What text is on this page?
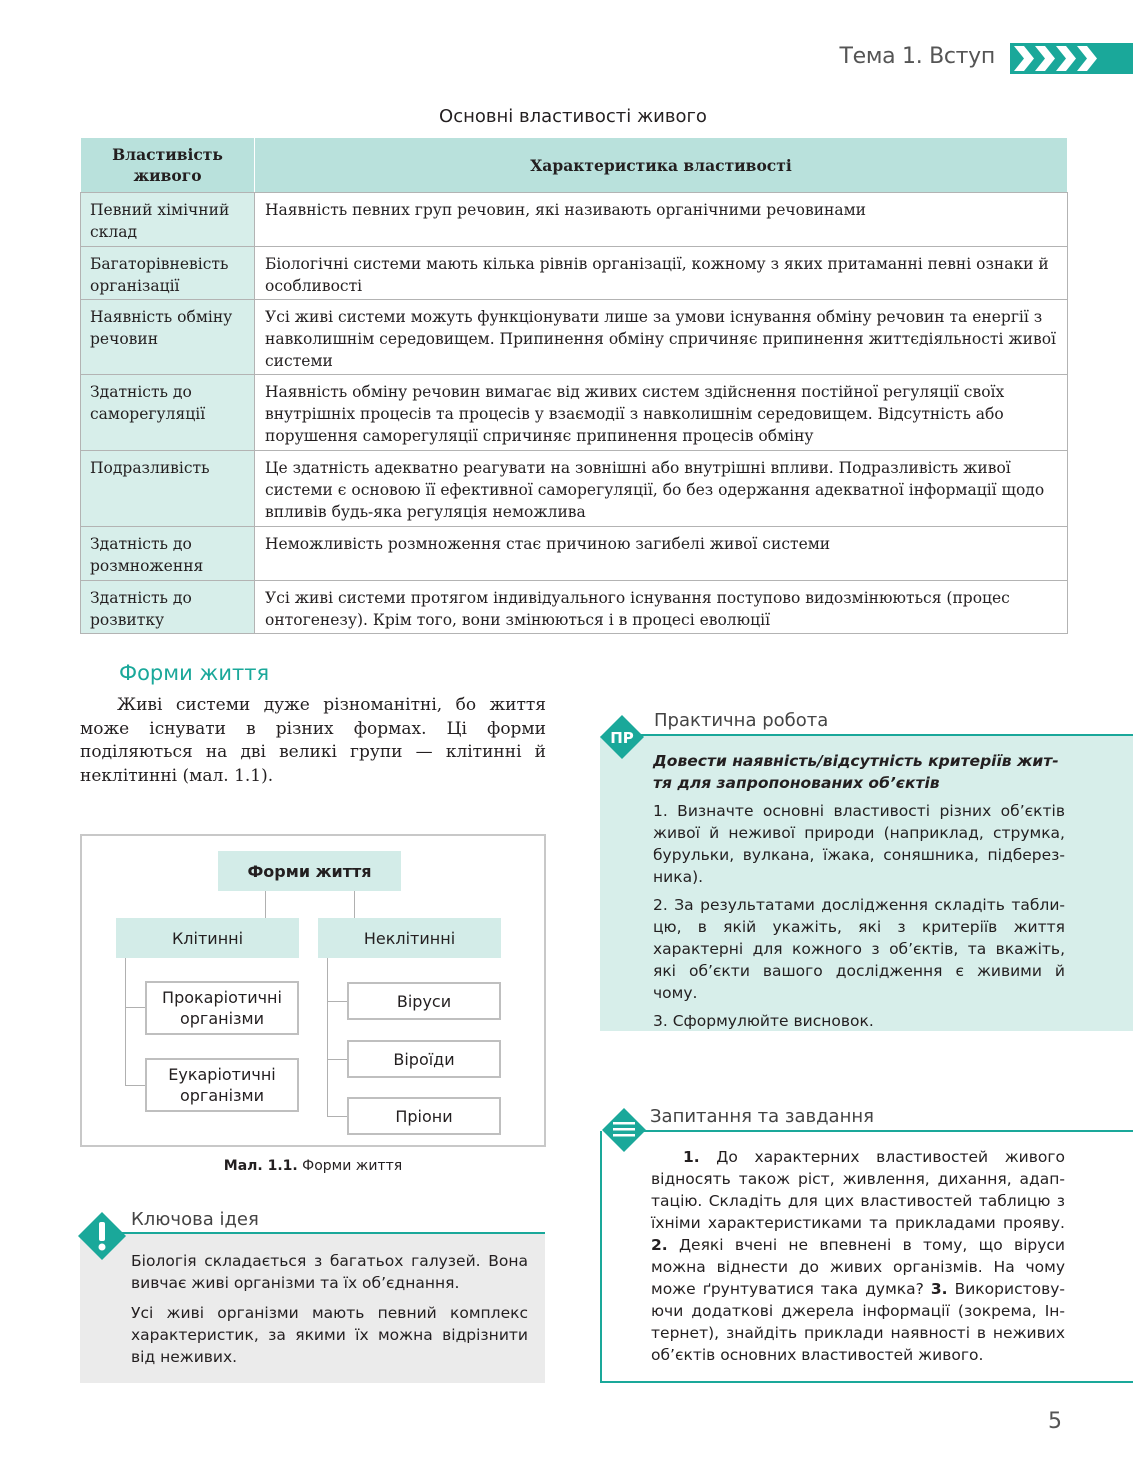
Тема 1. Вступ
Основні властивості живого
Властивість живого	Характеристика властивості
Певний хімічний склад	Наявність певних груп речовин, які називають органічними речовинами
Багаторівневість організації	Біологічні системи мають кілька рівнів організації, кожному з яких притаманні певні ознаки й особливості
Наявність обміну речовин	Усі живі системи можуть функціонувати лише за умови існування обміну речовин та енергії з навколишнім середовищем. Припинення обміну спричиняє припинення життєдіяльності живої системи
Здатність до саморегуляції	Наявність обміну речовин вимагає від живих систем здійснення постійної регуляції своїх внутрішніх процесів та процесів у взаємодії з навколишнім середовищем. Відсутність або порушення саморегуляції спричиняє припинення процесів обміну
Подразливість	Це здатність адекватно реагувати на зовнішні або внутрішні впливи. Подразливість живої системи є основою її ефективної саморегуляції, бо без одержання адекватної інформації щодо впливів будь-яка регуляція неможлива
Здатність до розмноження	Неможливість розмноження стає причиною загибелі живої системи
Здатність до розвитку	Усі живі системи протягом індивідуального існування поступово видозмінюються (процес онтогенезу). Крім того, вони змінюються і в процесі еволюції
Форми життя

Живі системи дуже різноманітні, бо життя може існувати в різних формах. Ці форми поділяються на дві великі групи — клітинні й неклітинні (мал. 1.1).

Форми життя
Клітинні	Неклітинні
Прокаріотичні організми
Еукаріотичні організми
Віруси
Віроїди
Пріони
Мал. 1.1. Форми життя
Ключова ідея

Біологія складається з багатьох галузей. Вона вивчає живі організми та їх об’єднання.

Усі живі організми мають певний комплекс характеристик, за якими їх можна відрізнити від неживих.

Практична робота
ПР

Довести наявність/відсутність критеріїв життя для запропонованих об’єктів

1. Визначте основні властивості різних об’єктів живої й неживої природи (наприклад, струмка, бурульки, вулкана, їжака, соняшника, підберезника).

2. За результатами дослідження складіть таблицю, в якій укажіть, які з критеріїв життя характерні для кожного з об’єктів, та вкажіть, які об’єкти вашого дослідження є живими й чому.

3. Сформулюйте висновок.

Запитання та завдання

1. До характерних властивостей живого відносять також ріст, живлення, дихання, адаптацію. Складіть для цих властивостей таблицю з їхніми характеристиками та прикладами прояву. 2. Деякі вчені не впевнені в тому, що віруси можна віднести до живих організмів. На чому може ґрунтуватися така думка? 3. Використовуючи додаткові джерела інформації (зокрема, Інтернет), знайдіть приклади наявності в неживих об’єктів основних властивостей живого.

5
